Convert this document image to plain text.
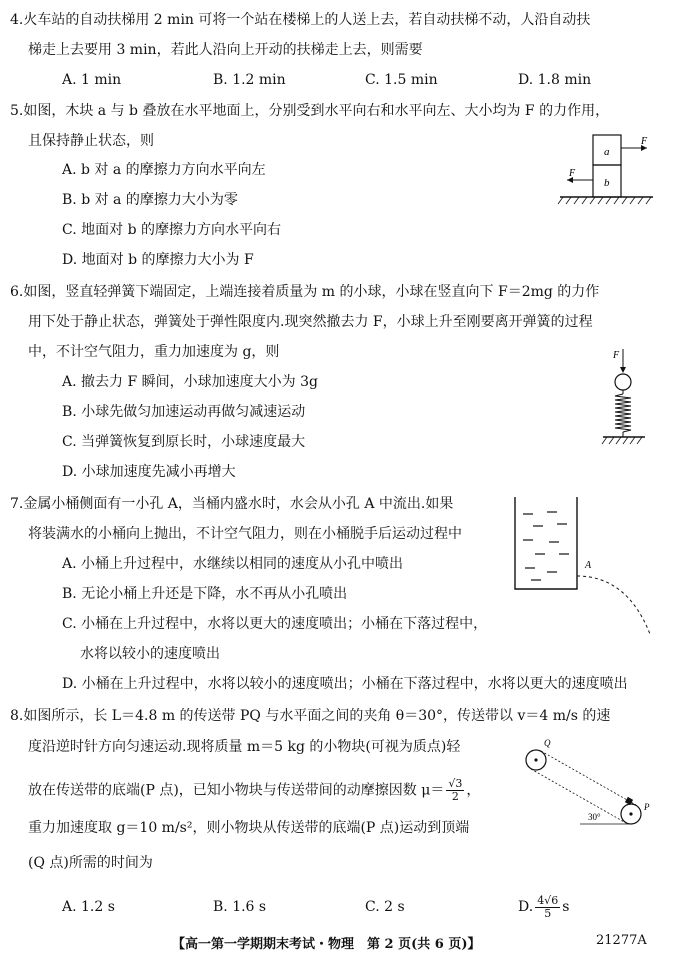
4.火车站的自动扶梯用 2 min 可将一个站在楼梯上的人送上去，若自动扶梯不动，人沿自动扶
梯走上去要用 3 min，若此人沿向上开动的扶梯走上去，则需要
A. 1 min	B. 1.2 min	C. 1.5 min	D. 1.8 min
5.如图，木块 a 与 b 叠放在水平地面上，分别受到水平向右和水平向左、大小均为 F 的力作用，
且保持静止状态，则
A. b 对 a 的摩擦力方向水平向左
B. b 对 a 的摩擦力大小为零
C. 地面对 b 的摩擦力方向水平向右
D. 地面对 b 的摩擦力大小为 F
a
b
F
F
6.如图，竖直轻弹簧下端固定，上端连接着质量为 m 的小球，小球在竖直向下 F＝2mg 的力作
用下处于静止状态，弹簧处于弹性限度内.现突然撤去力 F，小球上升至刚要离开弹簧的过程
中，不计空气阻力，重力加速度为 g，则
A. 撤去力 F 瞬间，小球加速度大小为 3g
B. 小球先做匀加速运动再做匀减速运动
C. 当弹簧恢复到原长时，小球速度最大
D. 小球加速度先减小再增大
F
7.金属小桶侧面有一小孔 A，当桶内盛水时，水会从小孔 A 中流出.如果
将装满水的小桶向上抛出，不计空气阻力，则在小桶脱手后运动过程中
A. 小桶上升过程中，水继续以相同的速度从小孔中喷出
B. 无论小桶上升还是下降，水不再从小孔喷出
C. 小桶在上升过程中，水将以更大的速度喷出；小桶在下落过程中，
水将以较小的速度喷出
D. 小桶在上升过程中，水将以较小的速度喷出；小桶在下落过程中，水将以更大的速度喷出
A
8.如图所示，长 L＝4.8 m 的传送带 PQ 与水平面之间的夹角 θ＝30°，传送带以 v＝4 m/s 的速
度沿逆时针方向匀速运动.现将质量 m＝5 kg 的小物块(可视为质点)轻
放在传送带的底端(P 点)，已知小物块与传送带间的动摩擦因数 $\mu= \frac{√3}{2}$ ，
重力加速度取 g＝10 m/s²，则小物块从传送带的底端(P 点)运动到顶端
(Q 点)所需的时间为
A. 1.2 s	B. 1.6 s	C. 2 s	D. $\frac{4√6}{5}$ s
Q
P
30°
【高一第一学期期末考试・物理　第 2 页(共 6 页)】	21277A
